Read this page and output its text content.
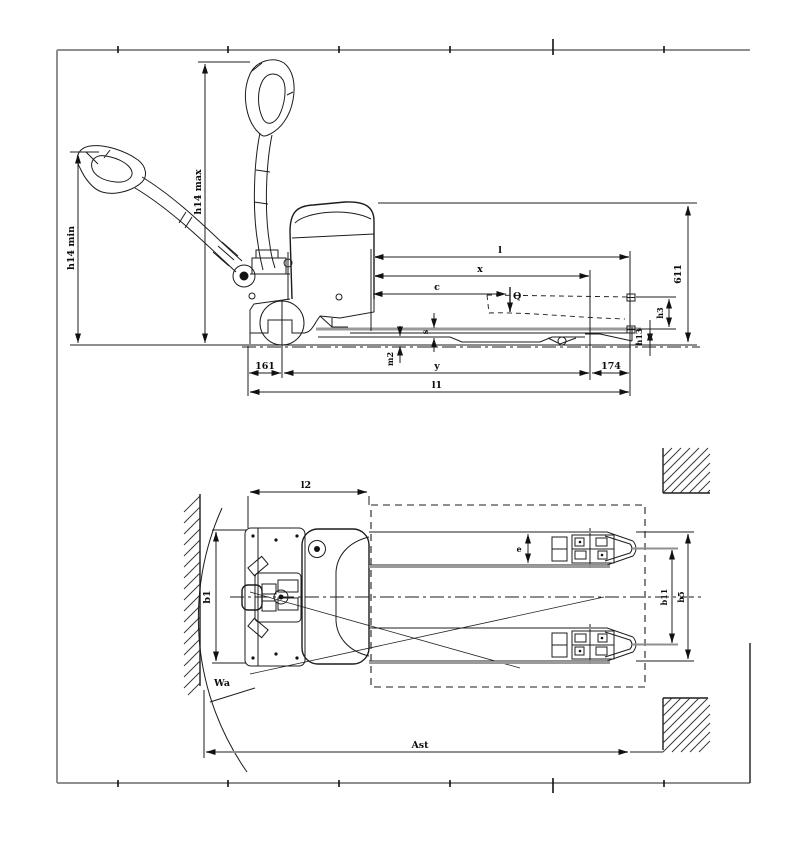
h14 min
h14 max
l
x
c
Q
611
h3
h13
s
m2
161	y	174
l1
Wa
l2
b1
e
b11 b5
Ast
